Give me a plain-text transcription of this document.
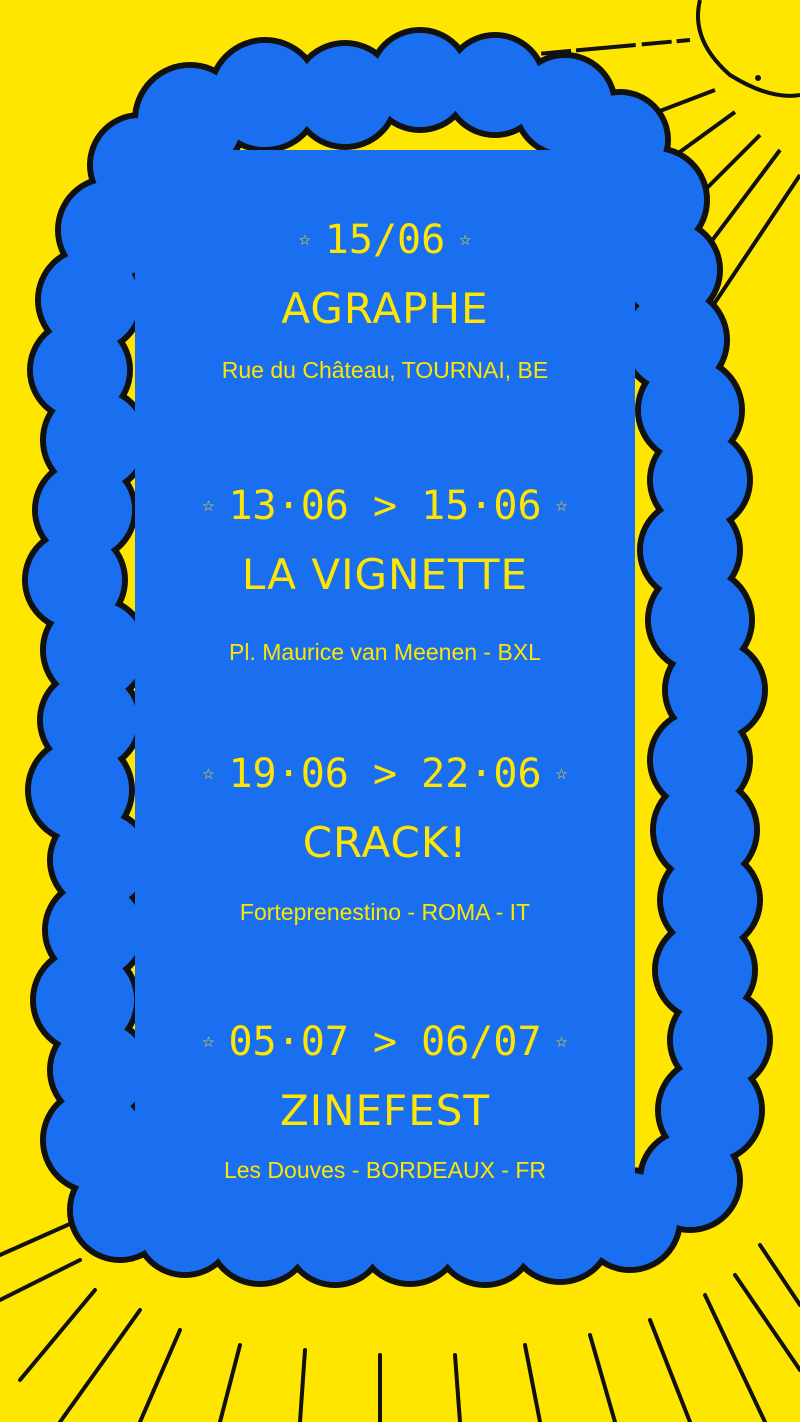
☆ 15/06 ☆
AGRAPHE
Rue du Château, TOURNAI, BE
☆ 13·06 > 15·06 ☆
LA VIGNETTE
Pl. Maurice van Meenen - BXL
☆ 19·06 > 22·06 ☆
CRACK!
Forteprenestino - ROMA - IT
☆ 05·07 > 06/07 ☆
ZINEFEST
Les Douves - BORDEAUX - FR
